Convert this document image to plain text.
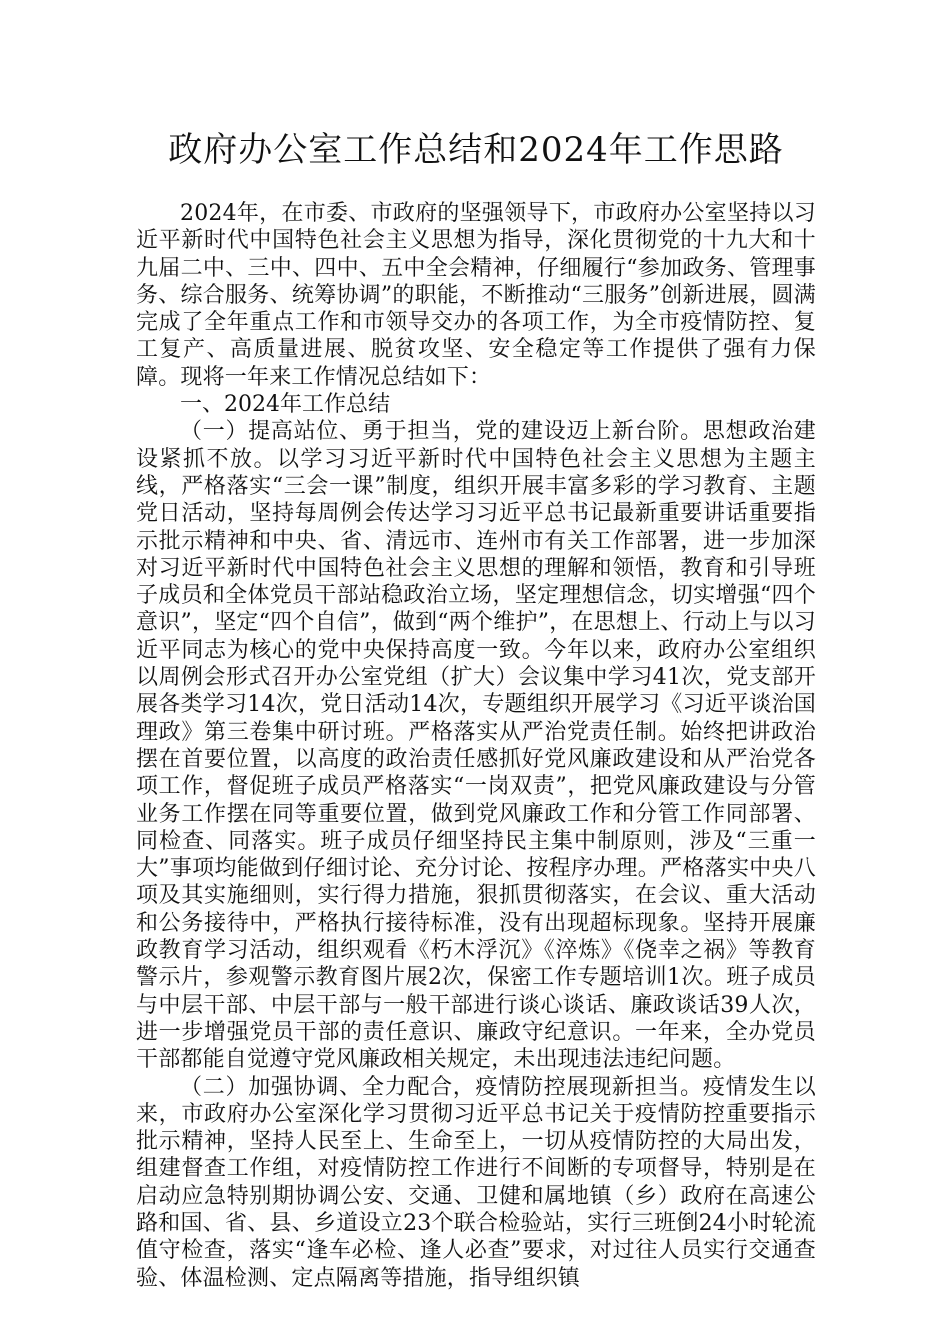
政府办公室工作总结和2024年工作思路

2024年，在市委、市政府的坚强领导下，市政府办公室坚持以习近平新时代中国特色社会主义思想为指导，深化贯彻党的十九大和十九届二中、三中、四中、五中全会精神，仔细履行“参加政务、管理事务、综合服务、统筹协调”的职能，不断推动“三服务”创新进展，圆满完成了全年重点工作和市领导交办的各项工作，为全市疫情防控、复工复产、高质量进展、脱贫攻坚、安全稳定等工作提供了强有力保障。现将一年来工作情况总结如下：

一、2024年工作总结

（一）提高站位、勇于担当，党的建设迈上新台阶。思想政治建设紧抓不放。以学习习近平新时代中国特色社会主义思想为主题主线，严格落实“三会一课”制度，组织开展丰富多彩的学习教育、主题党日活动，坚持每周例会传达学习习近平总书记最新重要讲话重要指示批示精神和中央、省、清远市、连州市有关工作部署，进一步加深对习近平新时代中国特色社会主义思想的理解和领悟，教育和引导班子成员和全体党员干部站稳政治立场，坚定理想信念，切实增强“四个意识”，坚定“四个自信”，做到“两个维护”，在思想上、行动上与以习近平同志为核心的党中央保持高度一致。今年以来，政府办公室组织以周例会形式召开办公室党组（扩大）会议集中学习41次，党支部开展各类学习14次，党日活动14次，专题组织开展学习《习近平谈治国理政》第三卷集中研讨班。严格落实从严治党责任制。始终把讲政治摆在首要位置，以高度的政治责任感抓好党风廉政建设和从严治党各项工作，督促班子成员严格落实“一岗双责”，把党风廉政建设与分管业务工作摆在同等重要位置，做到党风廉政工作和分管工作同部署、同检查、同落实。班子成员仔细坚持民主集中制原则，涉及“三重一大”事项均能做到仔细讨论、充分讨论、按程序办理。严格落实中央八项及其实施细则，实行得力措施，狠抓贯彻落实，在会议、重大活动和公务接待中，严格执行接待标准，没有出现超标现象。坚持开展廉政教育学习活动，组织观看《朽木浮沉》《淬炼》《侥幸之祸》等教育警示片，参观警示教育图片展2次，保密工作专题培训1次。班子成员与中层干部、中层干部与一般干部进行谈心谈话、廉政谈话39人次，进一步增强党员干部的责任意识、廉政守纪意识。一年来，全办党员干部都能自觉遵守党风廉政相关规定，未出现违法违纪问题。

（二）加强协调、全力配合，疫情防控展现新担当。疫情发生以来，市政府办公室深化学习贯彻习近平总书记关于疫情防控重要指示批示精神，坚持人民至上、生命至上，一切从疫情防控的大局出发，组建督查工作组，对疫情防控工作进行不间断的专项督导，特别是在启动应急特别期协调公安、交通、卫健和属地镇（乡）政府在高速公路和国、省、县、乡道设立23个联合检验站，实行三班倒24小时轮流值守检查，落实“逢车必检、逢人必查”要求，对过往人员实行交通查验、体温检测、定点隔离等措施，指导组织镇
